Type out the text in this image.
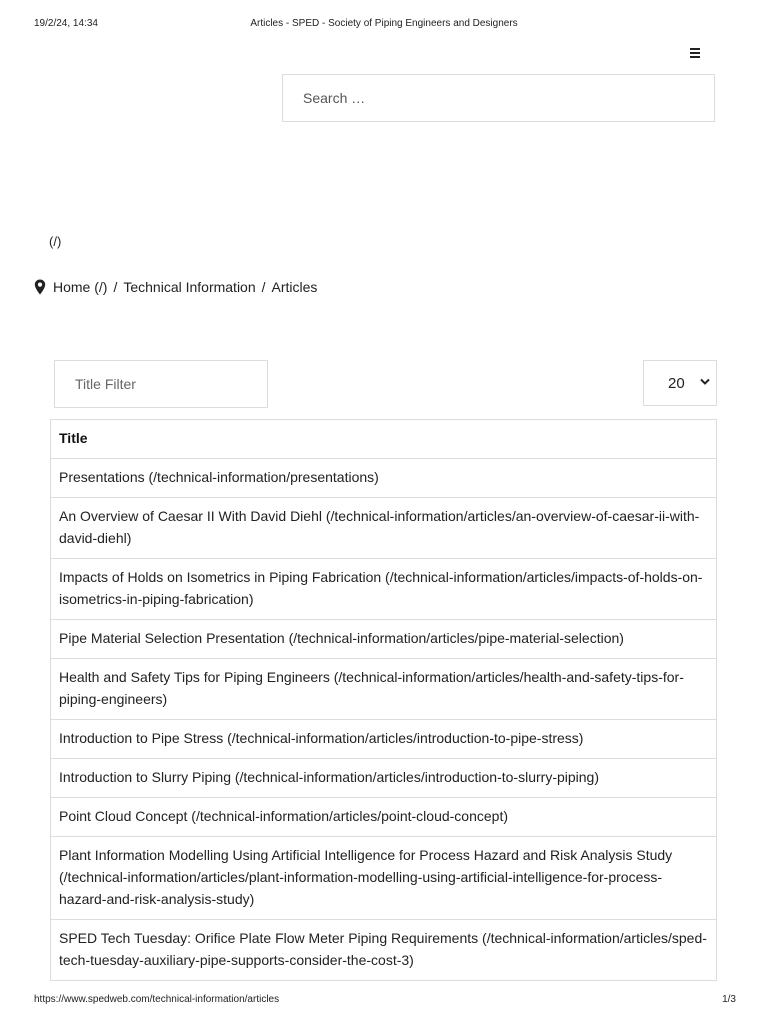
19/2/24, 14:34	Articles - SPED - Society of Piping Engineers and Designers
Search …
(/)
Home (/) / Technical Information / Articles
Title Filter
20
Title
Presentations (/technical-information/presentations)
An Overview of Caesar II With David Diehl (/technical-information/articles/an-overview-of-caesar-ii-with-david-diehl)
Impacts of Holds on Isometrics in Piping Fabrication (/technical-information/articles/impacts-of-holds-on-isometrics-in-piping-fabrication)
Pipe Material Selection Presentation (/technical-information/articles/pipe-material-selection)
Health and Safety Tips for Piping Engineers (/technical-information/articles/health-and-safety-tips-for-piping-engineers)
Introduction to Pipe Stress (/technical-information/articles/introduction-to-pipe-stress)
Introduction to Slurry Piping (/technical-information/articles/introduction-to-slurry-piping)
Point Cloud Concept (/technical-information/articles/point-cloud-concept)
Plant Information Modelling Using Artificial Intelligence for Process Hazard and Risk Analysis Study (/technical-information/articles/plant-information-modelling-using-artificial-intelligence-for-process-hazard-and-risk-analysis-study)
SPED Tech Tuesday: Orifice Plate Flow Meter Piping Requirements (/technical-information/articles/sped-tech-tuesday-auxiliary-pipe-supports-consider-the-cost-3)
https://www.spedweb.com/technical-information/articles	1/3
